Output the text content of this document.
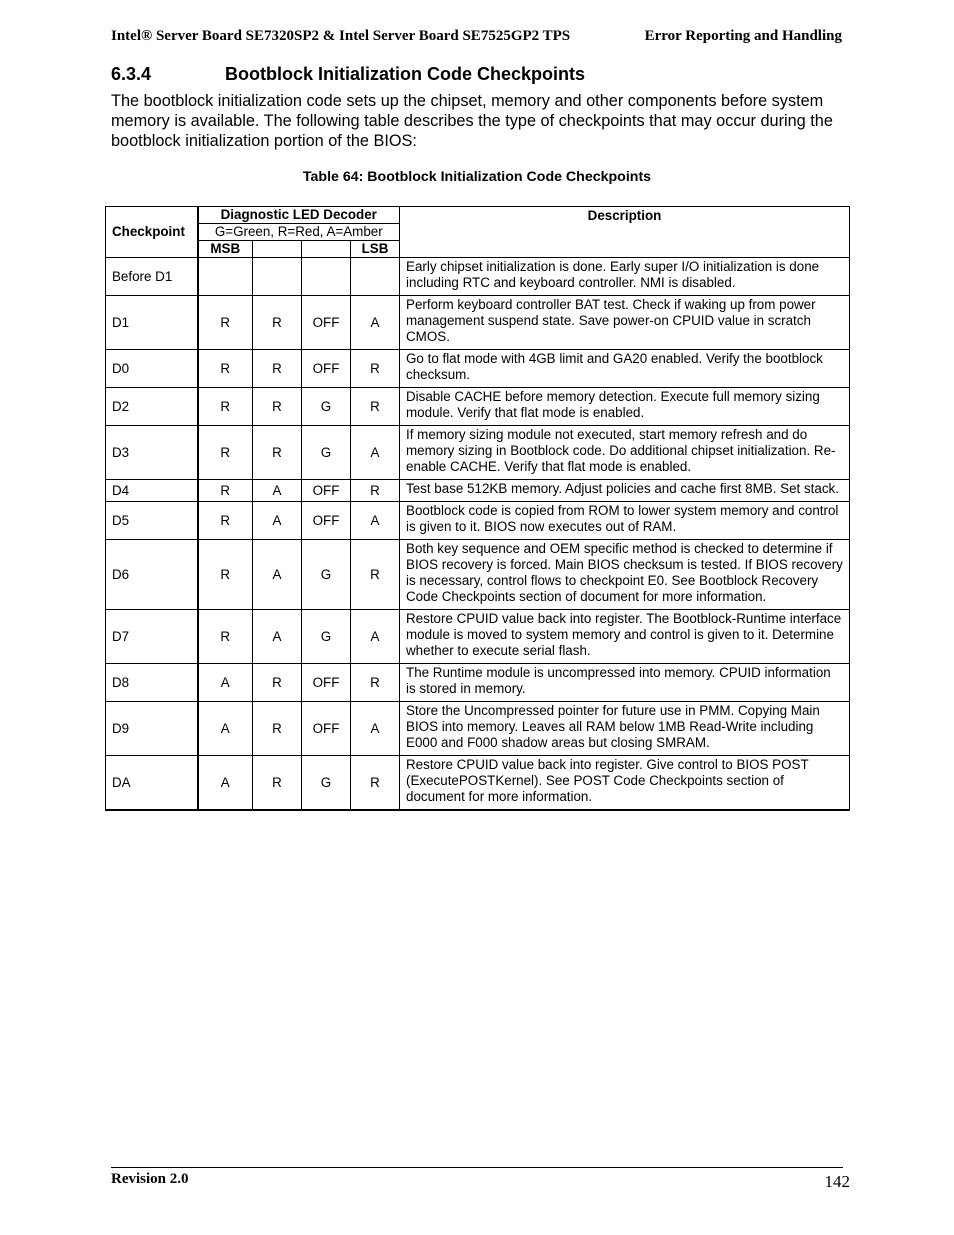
Intel® Server Board SE7320SP2 & Intel Server Board SE7525GP2 TPS	Error Reporting and Handling
6.3.4	Bootblock Initialization Code Checkpoints
The bootblock initialization code sets up the chipset, memory and other components before system memory is available. The following table describes the type of checkpoints that may occur during the bootblock initialization portion of the BIOS:
Table 64: Bootblock Initialization Code Checkpoints
Checkpoint	Diagnostic LED Decoder				Description
	G=Green, R=Red, A=Amber				
	MSB			LSB	
Before D1					Early chipset initialization is done. Early super I/O initialization is done including RTC and keyboard controller. NMI is disabled.
D1	R	R	OFF	A	Perform keyboard controller BAT test. Check if waking up from power management suspend state. Save power-on CPUID value in scratch CMOS.
D0	R	R	OFF	R	Go to flat mode with 4GB limit and GA20 enabled. Verify the bootblock checksum.
D2	R	R	G	R	Disable CACHE before memory detection. Execute full memory sizing module. Verify that flat mode is enabled.
D3	R	R	G	A	If memory sizing module not executed, start memory refresh and do memory sizing in Bootblock code. Do additional chipset initialization. Re-enable CACHE. Verify that flat mode is enabled.
D4	R	A	OFF	R	Test base 512KB memory. Adjust policies and cache first 8MB. Set stack.
D5	R	A	OFF	A	Bootblock code is copied from ROM to lower system memory and control is given to it. BIOS now executes out of RAM.
D6	R	A	G	R	Both key sequence and OEM specific method is checked to determine if BIOS recovery is forced. Main BIOS checksum is tested. If BIOS recovery is necessary, control flows to checkpoint E0. See Bootblock Recovery Code Checkpoints section of document for more information.
D7	R	A	G	A	Restore CPUID value back into register. The Bootblock-Runtime interface module is moved to system memory and control is given to it. Determine whether to execute serial flash.
D8	A	R	OFF	R	The Runtime module is uncompressed into memory. CPUID information is stored in memory.
D9	A	R	OFF	A	Store the Uncompressed pointer for future use in PMM. Copying Main BIOS into memory. Leaves all RAM below 1MB Read-Write including E000 and F000 shadow areas but closing SMRAM.
DA	A	R	G	R	Restore CPUID value back into register. Give control to BIOS POST (ExecutePOSTKernel). See POST Code Checkpoints section of document for more information.
Revision 2.0	142
